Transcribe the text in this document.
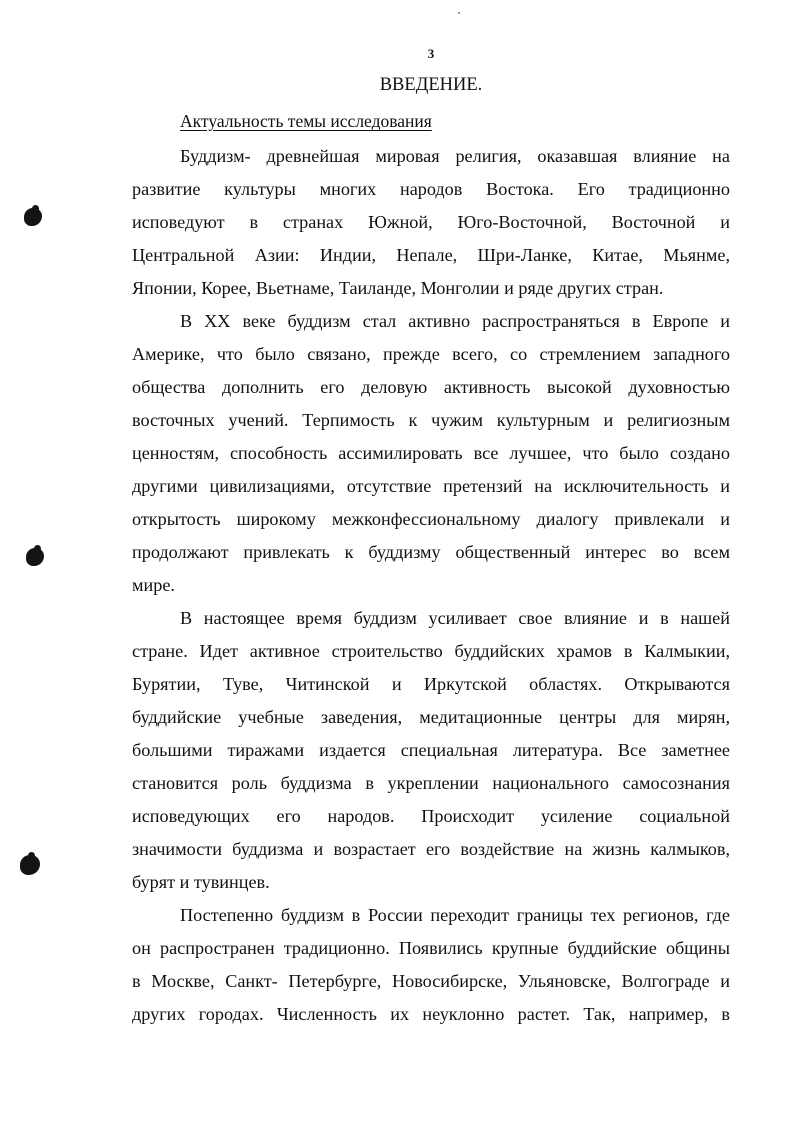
3
ВВЕДЕНИЕ.
Актуальность темы исследования

Буддизм- древнейшая мировая религия, оказавшая влияние на
развитие культуры многих народов Востока. Его традиционно
исповедуют в странах Южной, Юго-Восточной, Восточной и
Центральной Азии: Индии, Непале, Шри-Ланке, Китае, Мьянме,
Японии, Корее, Вьетнаме, Таиланде, Монголии и ряде других стран.

В XX веке буддизм стал активно распространяться в Европе и
Америке, что было связано, прежде всего, со стремлением западного
общества дополнить его деловую активность высокой духовностью
восточных учений. Терпимость к чужим культурным и религиозным
ценностям, способность ассимилировать все лучшее, что было создано
другими цивилизациями, отсутствие претензий на исключительность и
открытость широкому межконфессиональному диалогу привлекали и
продолжают привлекать к буддизму общественный интерес во всем
мире.

В настоящее время буддизм усиливает свое влияние и в нашей
стране. Идет активное строительство буддийских храмов в Калмыкии,
Бурятии, Туве, Читинской и Иркутской областях. Открываются
буддийские учебные заведения, медитационные центры для мирян,
большими тиражами издается специальная литература. Все заметнее
становится роль буддизма в укреплении национального самосознания
исповедующих его народов. Происходит усиление социальной
значимости буддизма и возрастает его воздействие на жизнь калмыков,
бурят и тувинцев.

Постепенно буддизм в России переходит границы тех регионов, где
он распространен традиционно. Появились крупные буддийские общины
в Москве, Санкт- Петербурге, Новосибирске, Ульяновске, Волгограде и
других городах. Численность их неуклонно растет. Так, например, в
